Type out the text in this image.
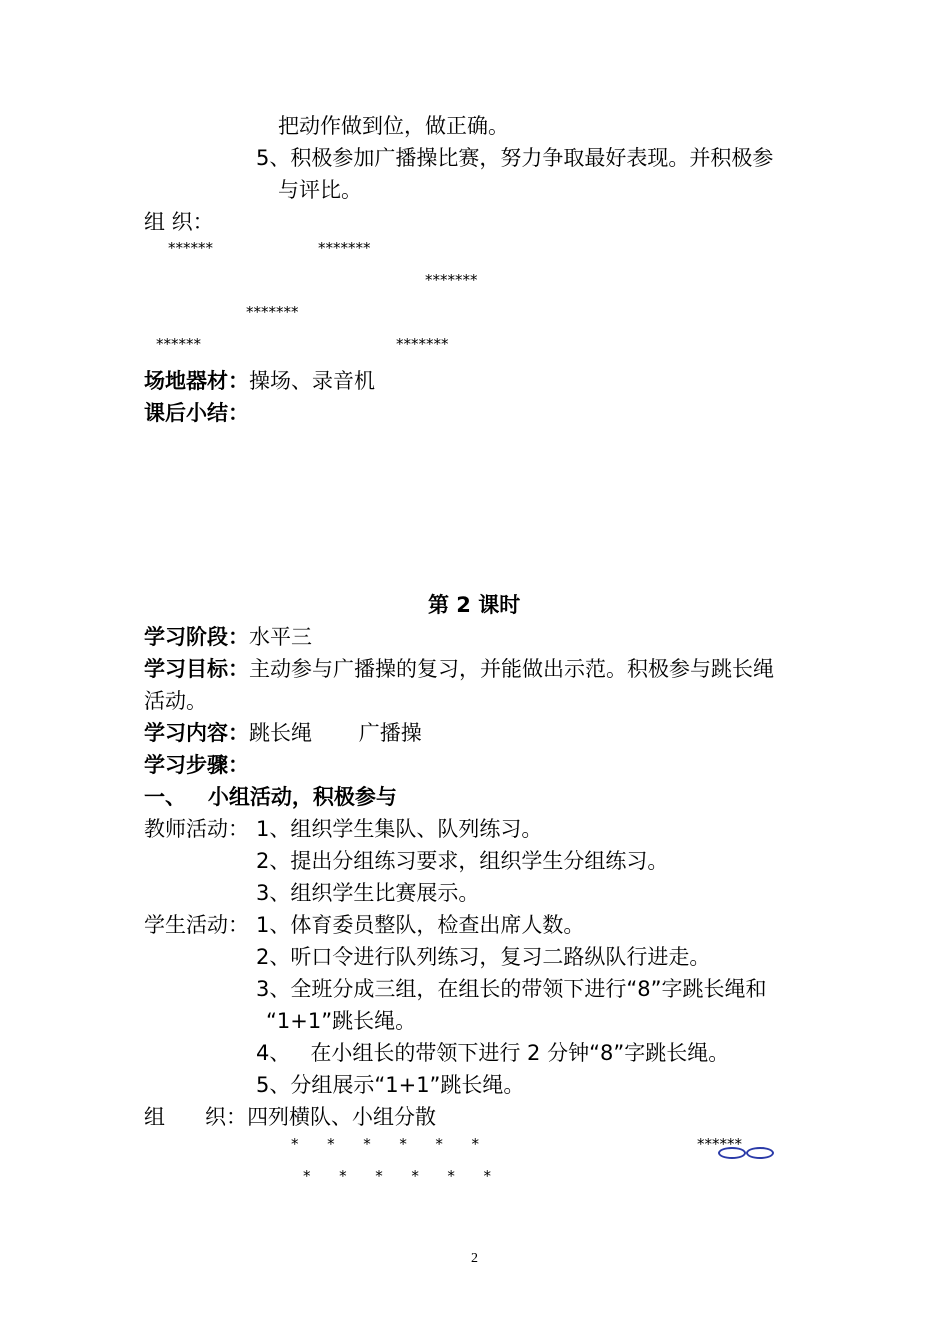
把动作做到位，做正确。
5、积极参加广播操比赛，努力争取最好表现。并积极参
与评比。
组 织：
******	*******
*******
*******
******	*******
场地器材：操场、录音机
课后小结：
第 2 课时
学习阶段：水平三
学习目标：主动参与广播操的复习，并能做出示范。积极参与跳长绳
活动。
学习内容：跳长绳       广播操
学习步骤：
一、   小组活动，积极参与
教师活动： 1、组织学生集队、队列练习。
2、提出分组练习要求，组织学生分组练习。
3、组织学生比赛展示。
学生活动： 1、体育委员整队，检查出席人数。
2、听口令进行队列练习，复习二路纵队行进走。
3、全班分成三组，在组长的带领下进行“8”字跳长绳和
“1+1”跳长绳。
4、   在小组长的带领下进行 2 分钟“8”字跳长绳。
5、分组展示“1+1”跳长绳。
组      织：四列横队、小组分散
*      *      *      *      *      *
*      *      *      *      *      *
******
2
